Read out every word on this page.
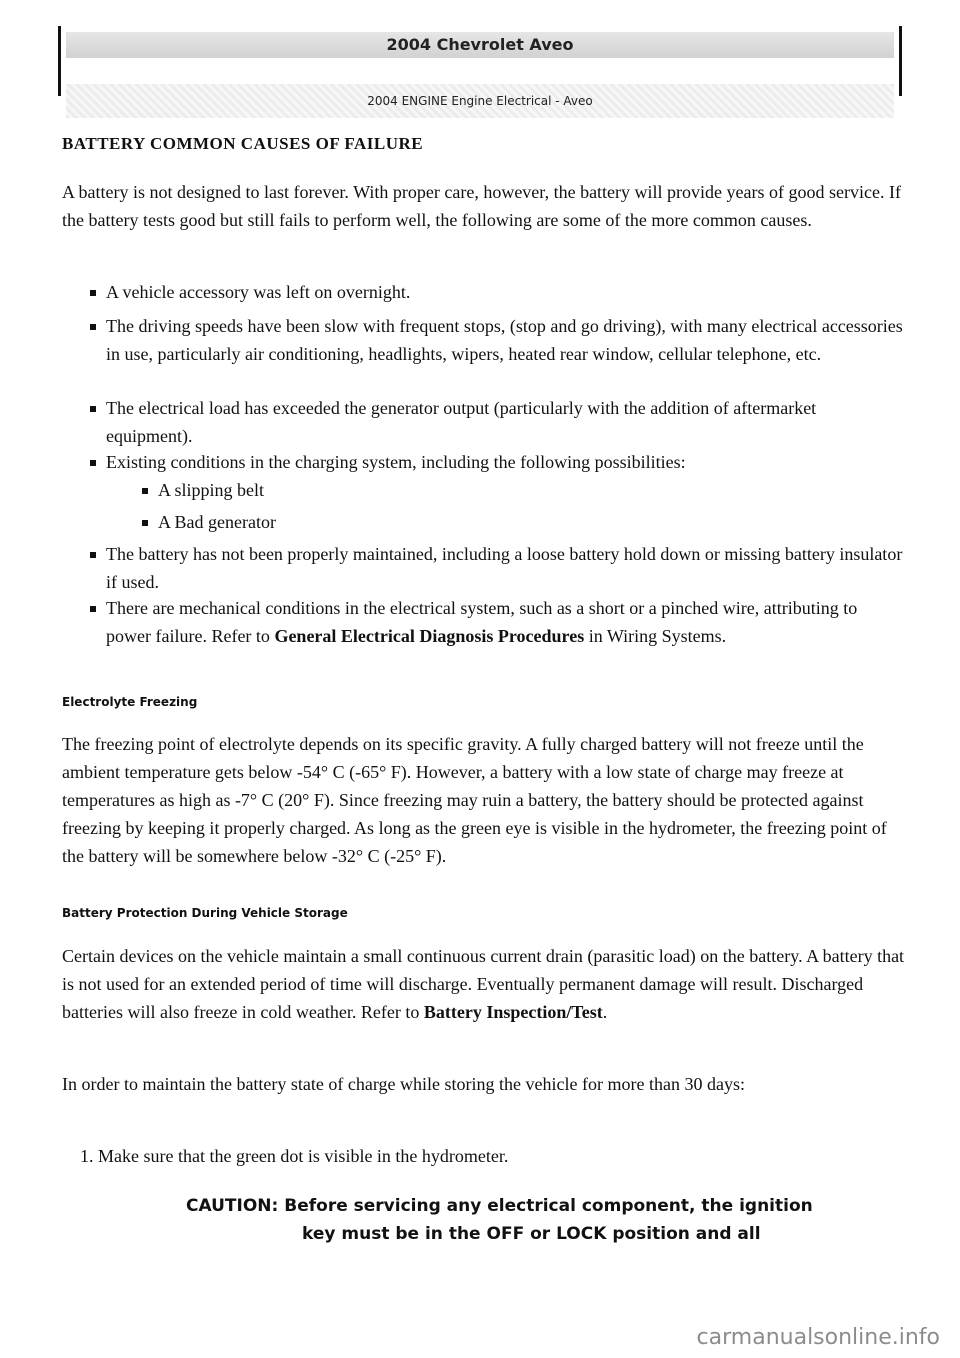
2004 Chevrolet Aveo
2004 ENGINE Engine Electrical - Aveo
BATTERY COMMON CAUSES OF FAILURE
A battery is not designed to last forever. With proper care, however, the battery will provide years of good service. If the battery tests good but still fails to perform well, the following are some of the more common causes.
A vehicle accessory was left on overnight.
The driving speeds have been slow with frequent stops, (stop and go driving), with many electrical accessories in use, particularly air conditioning, headlights, wipers, heated rear window, cellular telephone, etc.
The electrical load has exceeded the generator output (particularly with the addition of aftermarket equipment).
Existing conditions in the charging system, including the following possibilities:
A slipping belt
A Bad generator
The battery has not been properly maintained, including a loose battery hold down or missing battery insulator if used.
There are mechanical conditions in the electrical system, such as a short or a pinched wire, attributing to power failure. Refer to General Electrical Diagnosis Procedures in Wiring Systems.
Electrolyte Freezing
The freezing point of electrolyte depends on its specific gravity. A fully charged battery will not freeze until the ambient temperature gets below -54° C (-65° F). However, a battery with a low state of charge may freeze at temperatures as high as -7° C (20° F). Since freezing may ruin a battery, the battery should be protected against freezing by keeping it properly charged. As long as the green eye is visible in the hydrometer, the freezing point of the battery will be somewhere below -32° C (-25° F).
Battery Protection During Vehicle Storage
Certain devices on the vehicle maintain a small continuous current drain (parasitic load) on the battery. A battery that is not used for an extended period of time will discharge. Eventually permanent damage will result. Discharged batteries will also freeze in cold weather. Refer to Battery Inspection/Test.
In order to maintain the battery state of charge while storing the vehicle for more than 30 days:
1. Make sure that the green dot is visible in the hydrometer.
CAUTION: Before servicing any electrical component, the ignition
key must be in the OFF or LOCK position and all
carmanualsonline.info
